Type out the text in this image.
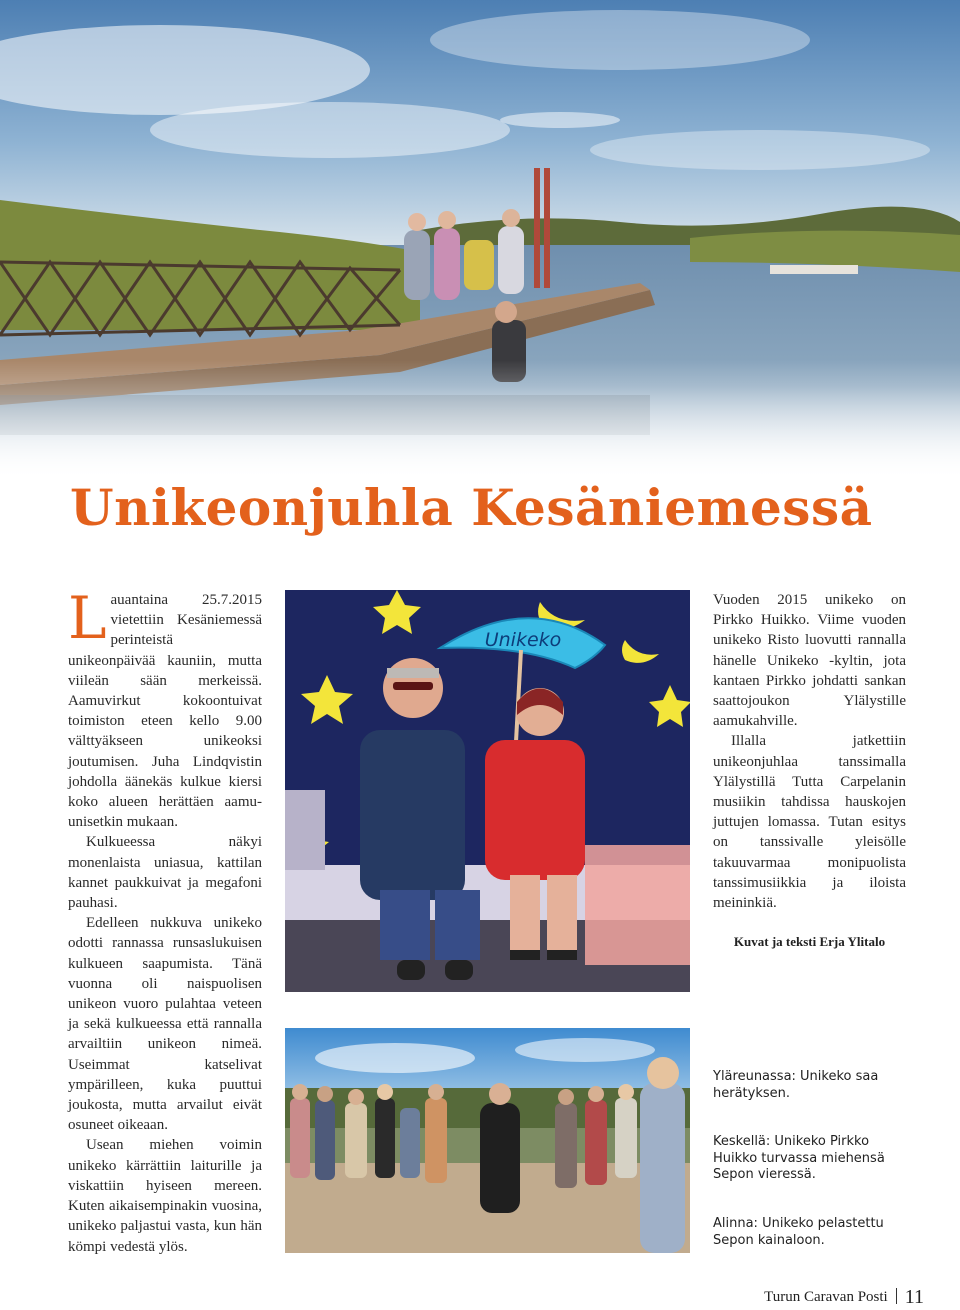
Unikeonjuhla Kesäniemessä

Lauantaina 25.7.2015 vietettiin Kesäniemessä perinteistä unikeonpäivää kauniin, mutta viileän sään merkeissä. Aamuvirkut kokoontuivat toimiston eteen kello 9.00 välttyäkseen unikeoksi joutumisen. Juha Lindqvistin johdolla äänekäs kulkue kiersi koko alueen herättäen aamu-unisetkin mukaan.

Kulkueessa näkyi monenlaista uniasua, kattilan kannet paukkuivat ja megafoni pauhasi.

Edelleen nukkuva unikeko odotti rannassa runsaslukuisen kulkueen saapumista. Tänä vuonna oli naispuolisen unikeon vuoro pulahtaa veteen ja sekä kulkueessa että rannalla arvailtiin unikeon nimeä. Useimmat katselivat ympärilleen, kuka puuttui joukosta, mutta arvailut eivät osuneet oikeaan.

Usean miehen voimin unikeko kärrättiin laiturille ja viskattiin hyiseen mereen. Kuten aikaisempinakin vuosina, unikeko paljastui vasta, kun hän kömpi vedestä ylös.

Unikeko

Vuoden 2015 unikeko on Pirkko Huikko. Viime vuoden unikeko Risto luovutti rannalla hänelle Unikeko -kyltin, jota kantaen Pirkko johdatti sankan saattojoukon Ylälystille aamukahville.

Illalla jatkettiin unikeonjuhlaa tanssimalla Ylälystillä Tutta Carpelanin musiikin tahdissa hauskojen juttujen lomassa. Tutan esitys on tanssivalle yleisölle takuuvarmaa monipuolista tanssimusiikkia ja iloista meininkiä.

Kuvat ja teksti Erja Ylitalo
Yläreunassa: Unikeko saa herätyksen.
Keskellä: Unikeko Pirkko Huikko turvassa miehensä Sepon vieressä.
Alinna: Unikeko pelastettu Sepon kainaloon.
Turun Caravan Posti 11
